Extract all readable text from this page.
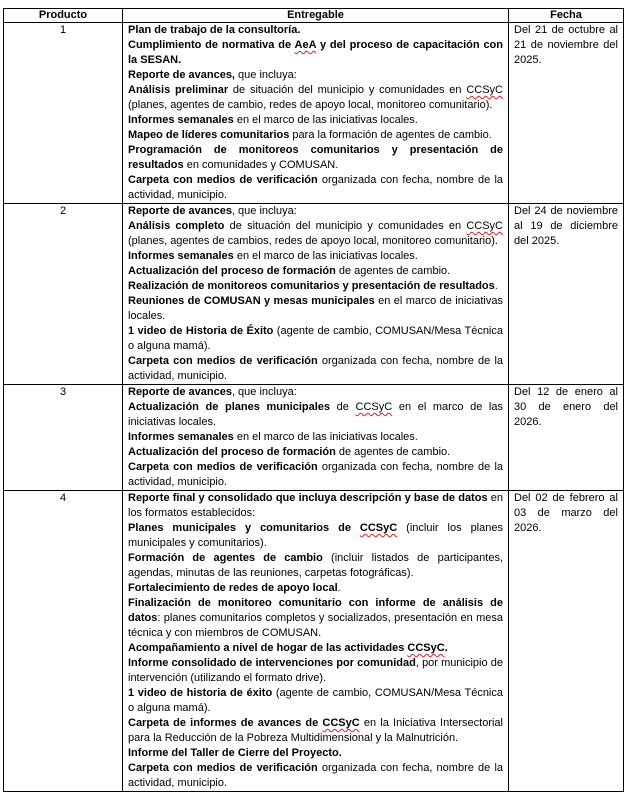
Producto	Entregable	Fecha
1	Plan de trabajo de la consultoría.
Cumplimiento de normativa de AeA y del proceso de capacitación con la SESAN.
Reporte de avances, que incluya:
Análisis preliminar de situación del municipio y comunidades en CCSyC (planes, agentes de cambio, redes de apoyo local, monitoreo comunitario).
Informes semanales en el marco de las iniciativas locales.
Mapeo de líderes comunitarios para la formación de agentes de cambio.
Programación de monitoreos comunitarios y presentación de resultados en comunidades y COMUSAN.
Carpeta con medios de verificación organizada con fecha, nombre de la actividad, municipio.
	Del 21 de octubre al 21 de noviembre del 2025.
2	Reporte de avances, que incluya:
Análisis completo de situación del municipio y comunidades en CCSyC (planes, agentes de cambios, redes de apoyo local, monitoreo comunitario).
Informes semanales en el marco de las iniciativas locales.
Actualización del proceso de formación de agentes de cambio.
Realización de monitoreos comunitarios y presentación de resultados.
Reuniones de COMUSAN y mesas municipales en el marco de iniciativas locales.
1 video de Historia de Éxito (agente de cambio, COMUSAN/Mesa Técnica o alguna mamá).
Carpeta con medios de verificación organizada con fecha, nombre de la actividad, municipio.
	Del 24 de noviembre al 19 de diciembre del 2025.
3	Reporte de avances, que incluya:
Actualización de planes municipales de CCSyC en el marco de las iniciativas locales.
Informes semanales en el marco de las iniciativas locales.
Actualización del proceso de formación de agentes de cambio.
Carpeta con medios de verificación organizada con fecha, nombre de la actividad, municipio.	Del 12 de enero al 30 de enero del 2026.
4	Reporte final y consolidado que incluya descripción y base de datos en los formatos establecidos:
Planes municipales y comunitarios de CCSyC (incluir los planes municipales y comunitarios).
Formación de agentes de cambio (incluir listados de participantes, agendas, minutas de las reuniones, carpetas fotográficas).
Fortalecimiento de redes de apoyo local.
Finalización de monitoreo comunitario con informe de análisis de datos: planes comunitarios completos y socializados, presentación en mesa técnica y con miembros de COMUSAN.
Acompañamiento a nivel de hogar de las actividades CCSyC.
Informe consolidado de intervenciones por comunidad, por municipio de intervención (utilizando el formato drive).
1 video de historia de éxito (agente de cambio, COMUSAN/Mesa Técnica o alguna mamá).
Carpeta de informes de avances de CCSyC en la Iniciativa Intersectorial para la Reducción de la Pobreza Multidimensional y la Malnutrición.
Informe del Taller de Cierre del Proyecto.
Carpeta con medios de verificación organizada con fecha, nombre de la actividad, municipio.
	Del 02 de febrero al 03 de marzo del 2026.
